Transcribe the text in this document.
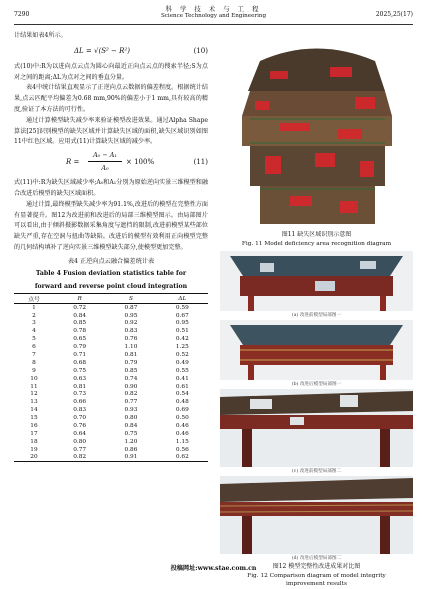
7290
科 学 技 术 与 工 程
Science Technology and Engineering	2025,25(17)

计结果如表4所示。

ΔL = √(S² − R²)	(10)

式(10)中:R为以进向点云点为圆心向最近正向点云点的搜索半径;S为点对之间的距离;ΔL为点对之间的垂直分量。

表4中统计结果直观显示了正逆向点云数据的偏差程度。根据统计结果,点云匹配平均偏差为0.68 mm,90%的偏差小于1 mm,具有较高的精度,验证了本方法的可行性。

通过计算模型缺失减少率来验证模型改进效果。通过Alpha Shape算法[25]识别模型的缺失区域并计算缺失区域的面积,缺失区域识别如图11中红色区域。应用式(11)计算缺失区域的减少率。

R =
A₀ − A₁
A₀
× 100%	(11)

式(11)中:R为缺失区域减少率;A₀和A₁分别为原始逆向实景三维模型和融合改进后模型的缺失区域面积。

通过计算,最终模型缺失减少率为91.1%,改进后的模型在完整性方面有显著提升。图12为改进前和改进后的局部三维模型图示。由局部图片可以看出,由于倾斜摄影数据采集角度与遮挡的限制,改进前模型某些部位缺失严重,存在空洞与扭曲等缺陷。改进后的模型有效利用正向模型完整的几何结构填补了逆向实景三维模型缺失部分,使模型更加完整。

表4 正逆向点云融合偏差统计表
Table 4 Fusion deviation statistics table for
forward and reverse point cloud integration
点号	R	S	ΔL
1	0.72	0.87	0.59
2	0.84	0.95	0.67
3	0.85	0.92	0.95
4	0.78	0.83	0.51
5	0.65	0.76	0.42
6	0.79	1.10	1.25
7	0.71	0.81	0.52
8	0.68	0.79	0.49
9	0.75	0.85	0.55
10	0.63	0.74	0.41
11	0.81	0.90	0.61
12	0.73	0.82	0.54
13	0.66	0.77	0.48
14	0.83	0.93	0.69
15	0.70	0.80	0.50
16	0.76	0.84	0.46
17	0.64	0.75	0.46
18	0.80	1.20	1.15
19	0.77	0.86	0.56
20	0.82	0.91	0.62
图11 缺失区域识别示意图
Fig. 11 Model deficiency area recognition diagram
(a) 改进前模型局部图一
(b) 改进后模型局部图一
(c) 改进前模型局部图二
(d) 改进后模型局部图二
图12 模型完整性改进成果对比图
Fig. 12 Comparison diagram of model integrity
improvement results
投稿网址:www.stae.com.cn
